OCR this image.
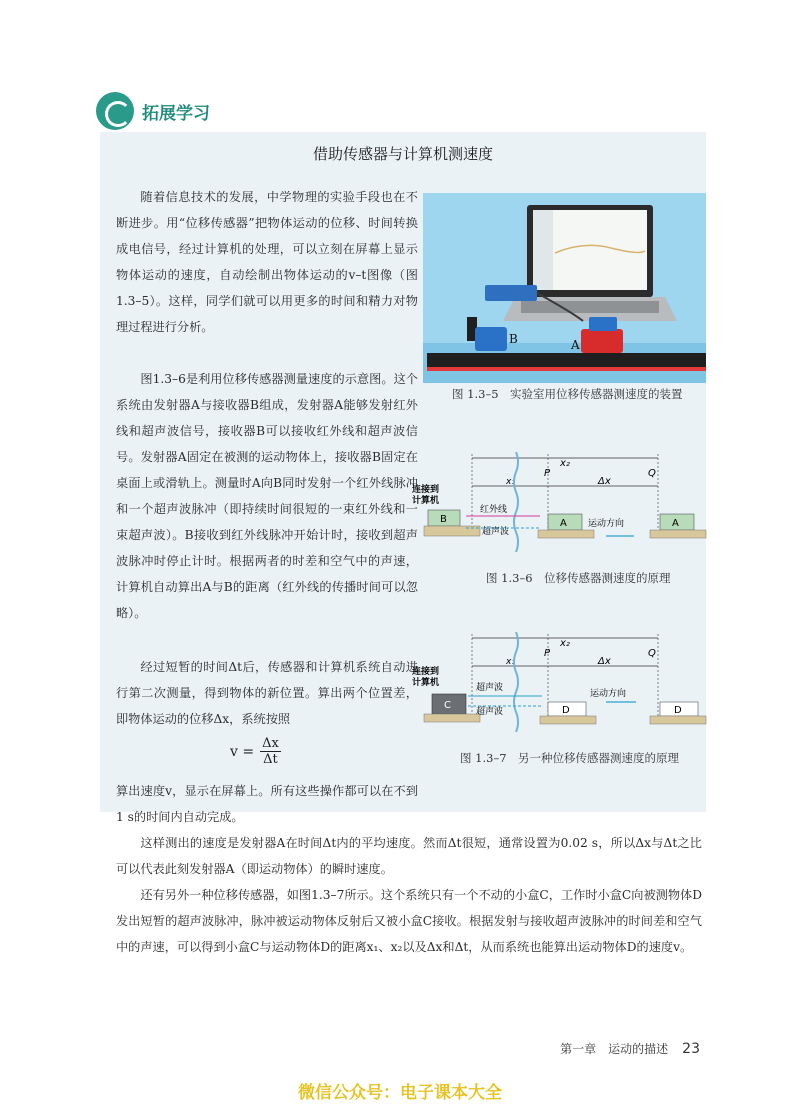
拓展学习
借助传感器与计算机测速度

随着信息技术的发展，中学物理的实验手段也在不断进步。用“位移传感器”把物体运动的位移、时间转换成电信号，经过计算机的处理，可以立刻在屏幕上显示物体运动的速度，自动绘制出物体运动的v–t图像（图1.3–5）。这样，同学们就可以用更多的时间和精力对物理过程进行分析。

图1.3–6是利用位移传感器测量速度的示意图。这个系统由发射器A与接收器B组成，发射器A能够发射红外线和超声波信号，接收器B可以接收红外线和超声波信号。发射器A固定在被测的运动物体上，接收器B固定在桌面上或滑轨上。测量时A向B同时发射一个红外线脉冲和一个超声波脉冲（即持续时间很短的一束红外线和一束超声波）。B接收到红外线脉冲开始计时，接收到超声波脉冲时停止计时。根据两者的时差和空气中的声速，计算机自动算出A与B的距离（红外线的传播时间可以忽略）。

经过短暂的时间Δt后，传感器和计算机系统自动进行第二次测量，得到物体的新位置。算出两个位置差，即物体运动的位移Δx，系统按照

$v = \frac{\Delta x}{\Delta t}$

算出速度v，显示在屏幕上。所有这些操作都可以在不到1 s的时间内自动完成。

这样测出的速度是发射器A在时间Δt内的平均速度。然而Δt很短，通常设置为0.02 s，所以Δx与Δt之比可以代表此刻发射器A（即运动物体）的瞬时速度。

还有另外一种位移传感器，如图1.3–7所示。这个系统只有一个不动的小盒C，工作时小盒C向被测物体D发出短暂的超声波脉冲，脉冲被运动物体反射后又被小盒C接收。根据发射与接收超声波脉冲的时间差和空气中的声速，可以得到小盒C与运动物体D的距离x₁、x₂以及Δx和Δt，从而系统也能算出运动物体D的速度v。

B	A
图 1.3–5　实验室用位移传感器测速度的装置
x₂
x₁	Δx
P	Q
连接到
计算机
B
红外线
超声波
A 运动方向	A
图 1.3–6　位移传感器测速度的原理
x₂
x₁	Δx
P	Q
连接到
计算机
C
超声波
超声波	D
运动方向
D
图 1.3–7　另一种位移传感器测速度的原理
第一章　运动的描述 23
微信公众号：电子课本大全
